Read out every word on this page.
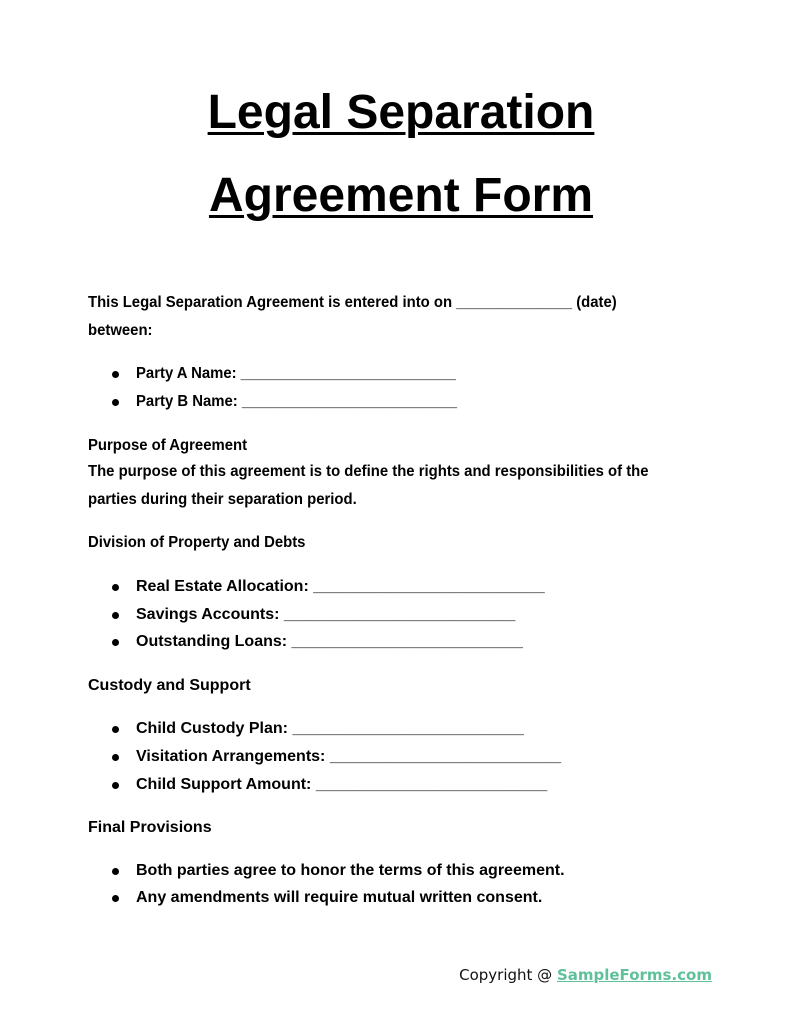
Legal Separation
Agreement Form
This Legal Separation Agreement is entered into on ______________ (date)
between:
Party A Name: __________________________
Party B Name: __________________________
Purpose of Agreement
The purpose of this agreement is to define the rights and responsibilities of the
parties during their separation period.
Division of Property and Debts
Real Estate Allocation: __________________________
Savings Accounts: __________________________
Outstanding Loans: __________________________
Custody and Support
Child Custody Plan: __________________________
Visitation Arrangements: __________________________
Child Support Amount: __________________________
Final Provisions
Both parties agree to honor the terms of this agreement.
Any amendments will require mutual written consent.
Copyright @ SampleForms.com
